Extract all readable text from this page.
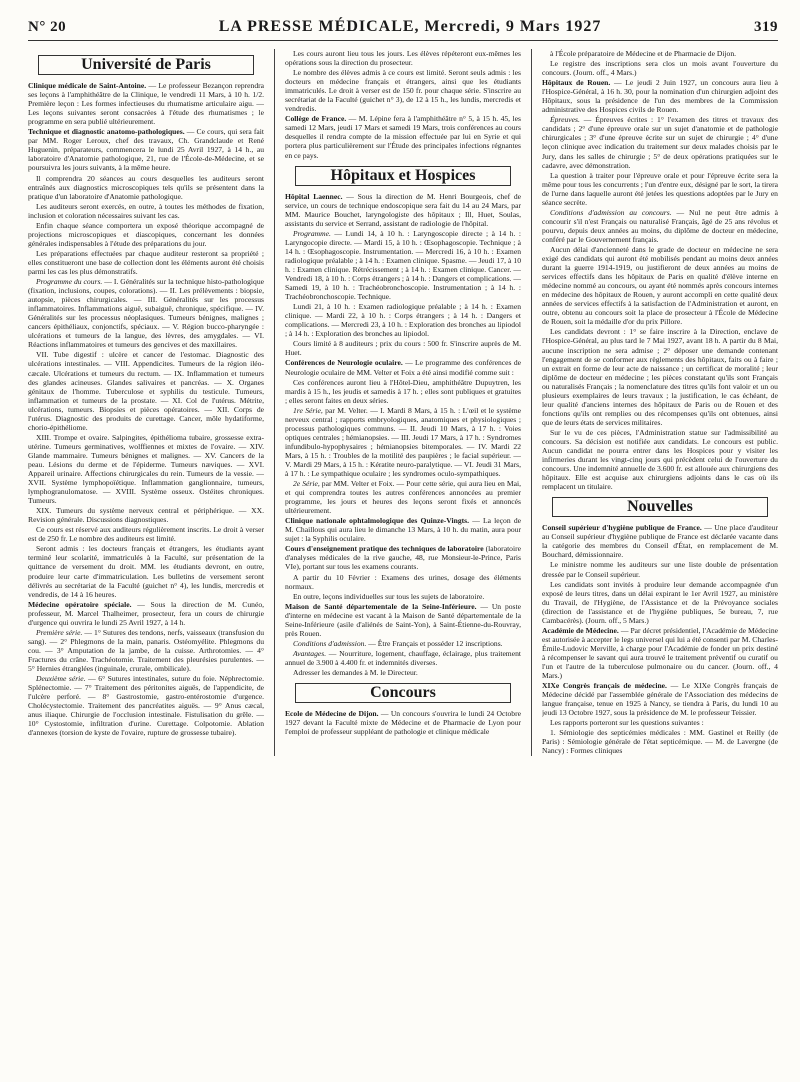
N° 20	LA PRESSE MÉDICALE, Mercredi, 9 Mars 1927	319
Université de Paris

Clinique médicale de Saint-Antoine. — Le professeur Bezançon reprendra ses leçons à l'amphithéâtre de la Clinique, le vendredi 11 Mars, à 10 h. 1/2. Première leçon : Les formes infectieuses du rhumatisme articulaire aigu. — Les leçons suivantes seront consacrées à l'étude des rhumatismes ; le programme en sera publié ultérieurement.

Technique et diagnostic anatomo-pathologiques. — Ce cours, qui sera fait par MM. Roger Leroux, chef des travaux, Ch. Grandclaude et René Huguenin, préparateurs, commencera le lundi 25 Avril 1927, à 14 h., au laboratoire d'Anatomie pathologique, 21, rue de l'École-de-Médecine, et se poursuivra les jours suivants, à la même heure.

Il comprendra 20 séances au cours desquelles les auditeurs seront entraînés aux diagnostics microscopiques tels qu'ils se présentent dans la pratique d'un laboratoire d'Anatomie pathologique.

Les auditeurs seront exercés, en outre, à toutes les méthodes de fixation, inclusion et coloration nécessaires suivant les cas.

Enfin chaque séance comportera un exposé théorique accompagné de projections microscopiques et diascopiques, concernant les données générales indispensables à l'étude des préparations du jour.

Les préparations effectuées par chaque auditeur resteront sa propriété ; elles constitueront une base de collection dont les éléments auront été choisis parmi les cas les plus démonstratifs.

Programme du cours. — I. Généralités sur la technique histo-pathologique (fixation, inclusions, coupes, colorations). — II. Les prélèvements : biopsie, autopsie, pièces chirurgicales. — III. Généralités sur les processus inflammatoires. Inflammations aiguë, subaiguë, chronique, spécifique. — IV. Généralités sur les processus néoplasiques. Tumeurs bénignes, malignes ; cancers épithéliaux, conjonctifs, spéciaux. — V. Région bucco-pharyngée : ulcérations et tumeurs de la langue, des lèvres, des amygdales. — VI. Réactions inflammatoires et tumeurs des gencives et des maxillaires.

VII. Tube digestif : ulcère et cancer de l'estomac. Diagnostic des ulcérations intestinales. — VIII. Appendicites. Tumeurs de la région iléo-cæcale. Ulcérations et tumeurs du rectum. — IX. Inflammation et tumeurs des glandes acineuses. Glandes salivaires et pancréas. — X. Organes génitaux de l'homme. Tuberculose et syphilis du testicule. Tumeurs, inflammation et tumeurs de la prostate. — XI. Col de l'utérus. Métrite, ulcérations, tumeurs. Biopsies et pièces opératoires. — XII. Corps de l'utérus. Diagnostic des produits de curettage. Cancer, môle hydatiforme, chorio-épithéliome.

XIII. Trompe et ovaire. Salpingites, épithélioma tubaire, grossesse extra-utérine. Tumeurs germinatives, wolffiennes et mixtes de l'ovaire. — XIV. Glande mammaire. Tumeurs bénignes et malignes. — XV. Cancers de la peau. Lésions du derme et de l'épiderme. Tumeurs næviques. — XVI. Appareil urinaire. Affections chirurgicales du rein. Tumeurs de la vessie. — XVII. Système lymphopoïétique. Inflammation ganglionnaire, tumeurs, lymphogranulomatose. — XVIII. Système osseux. Ostéites chroniques. Tumeurs.

XIX. Tumeurs du système nerveux central et périphérique. — XX. Revision générale. Discussions diagnostiques.

Ce cours est réservé aux auditeurs régulièrement inscrits. Le droit à verser est de 250 fr. Le nombre des auditeurs est limité.

Seront admis : les docteurs français et étrangers, les étudiants ayant terminé leur scolarité, immatriculés à la Faculté, sur présentation de la quittance de versement du droit. MM. les étudiants devront, en outre, produire leur carte d'immatriculation. Les bulletins de versement seront délivrés au secrétariat de la Faculté (guichet n° 4), les lundis, mercredis et vendredis, de 14 à 16 heures.

Médecine opératoire spéciale. — Sous la direction de M. Cunéo, professeur, M. Marcel Thalheimer, prosecteur, fera un cours de chirurgie d'urgence qui ouvrira le lundi 25 Avril 1927, à 14 h.

Première série. — 1° Sutures des tendons, nerfs, vaisseaux (transfusion du sang). — 2° Phlegmons de la main, panaris. Ostéomyélite. Phlegmons du cou. — 3° Amputation de la jambe, de la cuisse. Arthrotomies. — 4° Fractures du crâne. Trachéotomie. Traitement des pleurésies purulentes. — 5° Hernies étranglées (inguinale, crurale, ombilicale).

Deuxième série. — 6° Sutures intestinales, suture du foie. Néphrectomie. Splénectomie. — 7° Traitement des péritonites aiguës, de l'appendicite, de l'ulcère perforé. — 8° Gastrostomie, gastro-entérostomie d'urgence. Cholécystectomie. Traitement des pancréatites aiguës. — 9° Anus cæcal, anus iliaque. Chirurgie de l'occlusion intestinale. Fistulisation du grêle. — 10° Cystostomie, infiltration d'urine. Curettage. Colpotomie. Ablation d'annexes (torsion de kyste de l'ovaire, rupture de grossesse tubaire).

Les cours auront lieu tous les jours. Les élèves répéteront eux-mêmes les opérations sous la direction du prosecteur.

Le nombre des élèves admis à ce cours est limité. Seront seuls admis : les docteurs en médecine français et étrangers, ainsi que les étudiants immatriculés. Le droit à verser est de 150 fr. pour chaque série. S'inscrire au secrétariat de la Faculté (guichet n° 3), de 12 à 15 h., les lundis, mercredis et vendredis.

Collège de France. — M. Lépine fera à l'amphithéâtre n° 5, à 15 h. 45, les samedi 12 Mars, jeudi 17 Mars et samedi 19 Mars, trois conférences au cours desquelles il rendra compte de la mission effectuée par lui en Syrie et qui portera plus particulièrement sur l'Étude des principales infections régnantes en ce pays.

Hôpitaux et Hospices

Hôpital Laennec. — Sous la direction de M. Henri Bourgeois, chef de service, un cours de technique endoscopique sera fait du 14 au 24 Mars, par MM. Maurice Bouchet, laryngologiste des hôpitaux ; Ill, Huet, Soulas, assistants du service et Serrand, assistant de radiologie de l'hôpital.

Programme. — Lundi 14, à 10 h. : Laryngoscopie directe ; à 14 h. : Laryngocopie directe. — Mardi 15, à 10 h. : Œsophagoscopie. Technique ; à 14 h. : Œsophagoscopie. Instrumentation. — Mercredi 16, à 10 h. : Examen radiologique préalable ; à 14 h. : Examen clinique. Spasme. — Jeudi 17, à 10 h. : Examen clinique. Rétrécissement ; à 14 h. : Examen clinique. Cancer. — Vendredi 18, à 10 h. : Corps étrangers ; à 14 h. : Dangers et complications. — Samedi 19, à 10 h. : Trachéobronchoscopie. Instrumentation ; à 14 h. : Trachéobronchoscopie. Technique.

Lundi 21, à 10 h. : Examen radiologique préalable ; à 14 h. : Examen clinique. — Mardi 22, à 10 h. : Corps étrangers ; à 14 h. : Dangers et complications. — Mercredi 23, à 10 h. : Exploration des bronches au lipiodol ; à 14 h. : Exploration des bronches au lipiodol.

Cours limité à 8 auditeurs ; prix du cours : 500 fr. S'inscrire auprès de M. Huet.

Conférences de Neurologie oculaire. — Le programme des conférences de Neurologie oculaire de MM. Velter et Foix a été ainsi modifié comme suit :

Ces conférences auront lieu à l'Hôtel-Dieu, amphithéâtre Dupuytren, les mardis à 15 h., les jeudis et samedis à 17 h. ; elles sont publiques et gratuites ; elles seront faites en deux séries.

1re Série, par M. Velter. — I. Mardi 8 Mars, à 15 h. : L'œil et le système nerveux central ; rapports embryologiques, anatomiques et physiologiques ; processus pathologiques communs. — II. Jeudi 10 Mars, à 17 h. : Voies optiques centrales ; hémianopsies. — III. Jeudi 17 Mars, à 17 h. : Syndromes infundibulo-hypophysaires ; hémianopsies bitemporales. — IV. Mardi 22 Mars, à 15 h. : Troubles de la motilité des paupières ; le facial supérieur. — V. Mardi 29 Mars, à 15 h. : Kératite neuro-paralytique. — VI. Jeudi 31 Mars, à 17 h. : Le sympathique oculaire ; les syndromes oculo-sympathiques.

2e Série, par MM. Velter et Foix. — Pour cette série, qui aura lieu en Mai, et qui comprendra toutes les autres conférences annoncées au premier programme, les jours et heures des leçons seront fixés et annoncés ultérieurement.

Clinique nationale ophtalmologique des Quinze-Vingts. — La leçon de M. Chaillous qui aura lieu le dimanche 13 Mars, à 10 h. du matin, aura pour sujet : la Syphilis oculaire.

Cours d'enseignement pratique des techniques de laboratoire (laboratoire d'analyses médicales de la rive gauche, 48, rue Monsieur-le-Prince, Paris VIe), portant sur tous les examens courants.

A partir du 10 Février : Examens des urines, dosage des éléments normaux.

En outre, leçons individuelles sur tous les sujets de laboratoire.

Maison de Santé départementale de la Seine-Inférieure. — Un poste d'interne en médecine est vacant à la Maison de Santé départementale de la Seine-Inférieure (asile d'aliénés de Saint-Yon), à Saint-Étienne-du-Rouvray, près Rouen.

Conditions d'admission. — Être Français et posséder 12 inscriptions.

Avantages. — Nourriture, logement, chauffage, éclairage, plus traitement annuel de 3.900 à 4.400 fr. et indemnités diverses.

Adresser les demandes à M. le Directeur.

Concours

Ecole de Médecine de Dijon. — Un concours s'ouvrira le lundi 24 Octobre 1927 devant la Faculté mixte de Médecine et de Pharmacie de Lyon pour l'emploi de professeur suppléant de pathologie et clinique médicale

à l'École préparatoire de Médecine et de Pharmacie de Dijon.

Le registre des inscriptions sera clos un mois avant l'ouverture du concours. (Journ. off., 4 Mars.)

Hôpitaux de Rouen. — Le jeudi 2 Juin 1927, un concours aura lieu à l'Hospice-Général, à 16 h. 30, pour la nomination d'un chirurgien adjoint des Hôpitaux, sous la présidence de l'un des membres de la Commission administrative des Hospices civils de Rouen.

Épreuves. — Épreuves écrites : 1° l'examen des titres et travaux des candidats ; 2° d'une épreuve orale sur un sujet d'anatomie et de pathologie chirurgicales ; 3° d'une épreuve écrite sur un sujet de chirurgie ; 4° d'une leçon clinique avec indication du traitement sur deux malades choisis par le Jury, dans les salles de chirurgie ; 5° de deux opérations pratiquées sur le cadavre, avec démonstration.

La question à traiter pour l'épreuve orale et pour l'épreuve écrite sera la même pour tous les concurrents ; l'un d'entre eux, désigné par le sort, la tirera de l'urne dans laquelle auront été jetées les questions adoptées par le Jury en séance secrète.

Conditions d'admission au concours. — Nul ne peut être admis à concourir s'il n'est Français ou naturalisé Français, âgé de 25 ans révolus et pourvu, depuis deux années au moins, du diplôme de docteur en médecine, conféré par le Gouvernement français.

Aucun délai d'ancienneté dans le grade de docteur en médecine ne sera exigé des candidats qui auront été mobilisés pendant au moins deux années durant la guerre 1914-1919, ou justifieront de deux années au moins de services effectifs dans les hôpitaux de Paris en qualité d'élève interne en médecine nommé au concours, ou ayant été nommés après concours internes en médecine des hôpitaux de Rouen, y auront accompli en cette qualité deux années de services effectifs à la satisfaction de l'Administration et auront, en outre, obtenu au concours soit la place de prosecteur à l'École de Médecine de Rouen, soit la médaille d'or du prix Pillore.

Les candidats devront : 1° se faire inscrire à la Direction, enclave de l'Hospice-Général, au plus tard le 7 Mai 1927, avant 18 h. A partir du 8 Mai, aucune inscription ne sera admise ; 2° déposer une demande contenant l'engagement de se conformer aux règlements des hôpitaux, faits ou à faire ; un extrait en forme de leur acte de naissance ; un certificat de moralité ; leur diplôme de docteur en médecine ; les pièces constatant qu'ils sont Français ou naturalisés Français ; la nomenclature des titres qu'ils font valoir et un ou plusieurs exemplaires de leurs travaux ; la justification, le cas échéant, de leur qualité d'anciens internes des hôpitaux de Paris ou de Rouen et des fonctions qu'ils ont remplies ou des récompenses qu'ils ont obtenues, ainsi que de leurs états de services militaires.

Sur le vu de ces pièces, l'Administration statue sur l'admissibilité au concours. Sa décision est notifiée aux candidats. Le concours est public. Aucun candidat ne pourra entrer dans les Hospices pour y visiter les infirmeries durant les vingt-cinq jours qui précèdent celui de l'ouverture du concours. Une indemnité annuelle de 3.600 fr. est allouée aux chirurgiens des hôpitaux. Elle est acquise aux chirurgiens adjoints dans le cas où ils remplacent un titulaire.

Nouvelles

Conseil supérieur d'hygiène publique de France. — Une place d'auditeur au Conseil supérieur d'hygiène publique de France est déclarée vacante dans la catégorie des membres du Conseil d'État, en remplacement de M. Bouchard, démissionnaire.

Le ministre nomme les auditeurs sur une liste double de présentation dressée par le Conseil supérieur.

Les candidats sont invités à produire leur demande accompagnée d'un exposé de leurs titres, dans un délai expirant le 1er Avril 1927, au ministère du Travail, de l'Hygiène, de l'Assistance et de la Prévoyance sociales (direction de l'assistance et de l'hygiène publiques, 5e bureau, 7, rue Cambacérès). (Journ. off., 5 Mars.)

Académie de Médecine. — Par décret présidentiel, l'Académie de Médecine est autorisée à accepter le legs universel qui lui a été consenti par M. Charles-Émile-Ludovic Merville, à charge pour l'Académie de fonder un prix destiné à récompenser le savant qui aura trouvé le traitement préventif ou curatif ou l'un et l'autre de la tuberculose pulmonaire ou du cancer. (Journ. off., 4 Mars.)

XIXe Congrès français de médecine. — Le XIXe Congrès français de Médecine décidé par l'assemblée générale de l'Association des médecins de langue française, tenue en 1925 à Nancy, se tiendra à Paris, du lundi 10 au jeudi 13 Octobre 1927, sous la présidence de M. le professeur Teissier.

Les rapports porteront sur les questions suivantes :

1. Sémiologie des septicémies médicales : MM. Gastinel et Reilly (de Paris) : Sémiologie générale de l'état septicémique. — M. de Lavergne (de Nancy) : Formes cliniques
